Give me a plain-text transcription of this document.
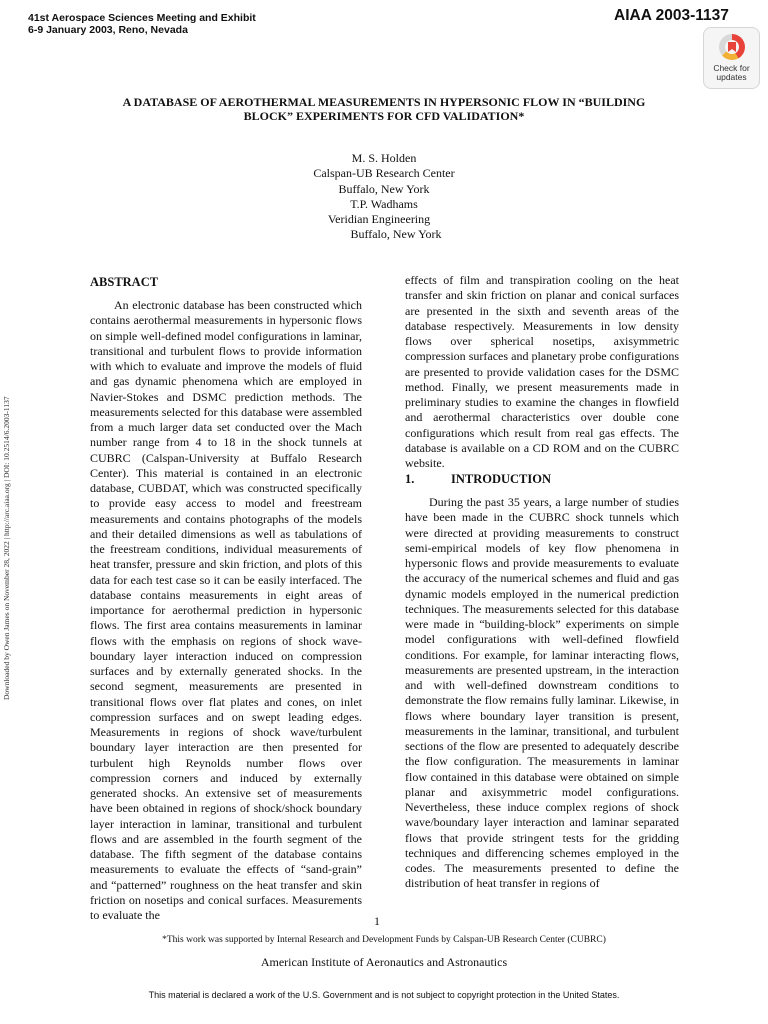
41st Aerospace Sciences Meeting and Exhibit
6-9 January 2003, Reno, Nevada
AIAA 2003-1137
Check for
updates
A DATABASE OF AEROTHERMAL MEASUREMENTS IN HYPERSONIC FLOW IN “BUILDING
BLOCK” EXPERIMENTS FOR CFD VALIDATION*
M. S. Holden
Calspan-UB Research Center
Buffalo, New York
T.P. Wadhams
Veridian Engineering
Buffalo, New York
Downloaded by Owen James on November 28, 2022 | http://arc.aiaa.org | DOI: 10.2514/6.2003-1137
ABSTRACT

An electronic database has been constructed which contains aerothermal measurements in hypersonic flows on simple well-defined model configurations in laminar, transitional and turbulent flows to provide information with which to evaluate and improve the models of fluid and gas dynamic phenomena which are employed in Navier-Stokes and DSMC prediction methods. The measurements selected for this database were assembled from a much larger data set conducted over the Mach number range from 4 to 18 in the shock tunnels at CUBRC (Calspan-University at Buffalo Research Center). This material is contained in an electronic database, CUBDAT, which was constructed specifically to provide easy access to model and freestream measurements and contains photographs of the models and their detailed dimensions as well as tabulations of the freestream conditions, individual measurements of heat transfer, pressure and skin friction, and plots of this data for each test case so it can be easily interfaced. The database contains measurements in eight areas of importance for aerothermal prediction in hypersonic flows. The first area contains measurements in laminar flows with the emphasis on regions of shock wave-boundary layer interaction induced on compression surfaces and by externally generated shocks. In the second segment, measurements are presented in transitional flows over flat plates and cones, on inlet compression surfaces and on swept leading edges. Measurements in regions of shock wave/turbulent boundary layer interaction are then presented for turbulent high Reynolds number flows over compression corners and induced by externally generated shocks. An extensive set of measurements have been obtained in regions of shock/shock boundary layer interaction in laminar, transitional and turbulent flows and are assembled in the fourth segment of the database. The fifth segment of the database contains measurements to evaluate the effects of “sand-grain” and “patterned” roughness on the heat transfer and skin friction on nosetips and conical surfaces. Measurements to evaluate the

effects of film and transpiration cooling on the heat transfer and skin friction on planar and conical surfaces are presented in the sixth and seventh areas of the database respectively. Measurements in low density flows over spherical nosetips, axisymmetric compression surfaces and planetary probe configurations are presented to provide validation cases for the DSMC method. Finally, we present measurements made in preliminary studies to examine the changes in flowfield and aerothermal characteristics over double cone configurations which result from real gas effects. The database is available on a CD ROM and on the CUBRC website.

1.	INTRODUCTION

During the past 35 years, a large number of studies have been made in the CUBRC shock tunnels which were directed at providing measurements to construct semi-empirical models of key flow phenomena in hypersonic flows and provide measurements to evaluate the accuracy of the numerical schemes and fluid and gas dynamic models employed in the numerical prediction techniques. The measurements selected for this database were made in “building-block” experiments on simple model configurations with well-defined flowfield conditions. For example, for laminar interacting flows, measurements are presented upstream, in the interaction and with well-defined downstream conditions to demonstrate the flow remains fully laminar. Likewise, in flows where boundary layer transition is present, measurements in the laminar, transitional, and turbulent sections of the flow are presented to adequately describe the flow configuration. The measurements in laminar flow contained in this database were obtained on simple planar and axisymmetric model configurations. Nevertheless, these induce complex regions of shock wave/boundary layer interaction and laminar separated flows that provide stringent tests for the gridding techniques and differencing schemes employed in the codes. The measurements presented to define the distribution of heat transfer in regions of

1
*This work was supported by Internal Research and Development Funds by Calspan-UB Research Center (CUBRC)
American Institute of Aeronautics and Astronautics
This material is declared a work of the U.S. Government and is not subject to copyright protection in the United States.
